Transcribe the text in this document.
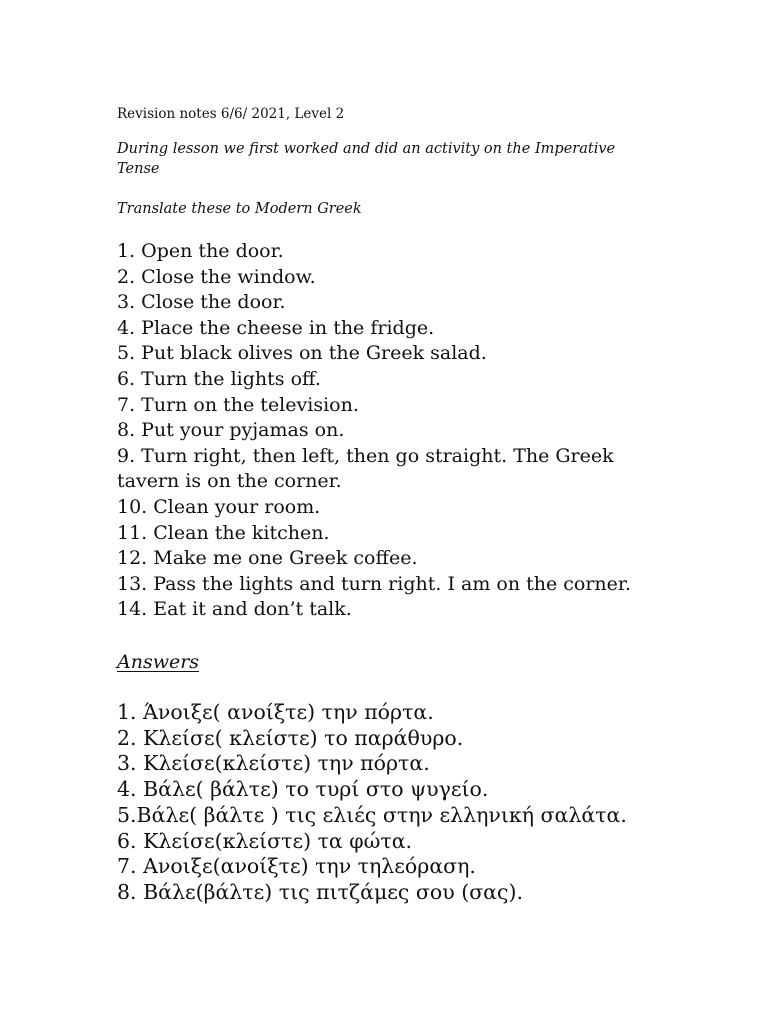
Revision notes 6/6/ 2021, Level 2
During lesson we first worked and did an activity on the Imperative Tense
Translate these to Modern Greek
1. Open the door.
2. Close the window.
3. Close the door.
4. Place the cheese in the fridge.
5. Put black olives on the Greek salad.
6. Turn the lights off.
7. Turn on the television.
8. Put your pyjamas on.
9. Turn right, then left, then go straight. The Greek tavern is on the corner.
10. Clean your room.
11. Clean the kitchen.
12. Make me one Greek coffee.
13. Pass the lights and turn right. I am on the corner.
14. Eat it and don’t talk.
Answers
1. Άνοιξε( ανοίξτε) την πόρτα.
2. Κλείσε( κλείστε) το παράθυρο.
3. Κλείσε(κλείστε) την πόρτα.
4. Βάλε( βάλτε) το τυρί στο ψυγείο.
5.Βάλε( βάλτε ) τις ελιές στην ελληνική σαλάτα.
6. Κλείσε(κλείστε) τα φώτα.
7. Ανοιξε(ανοίξτε) την τηλεόραση.
8. Βάλε(βάλτε) τις πιτζάμες σου (σας).
